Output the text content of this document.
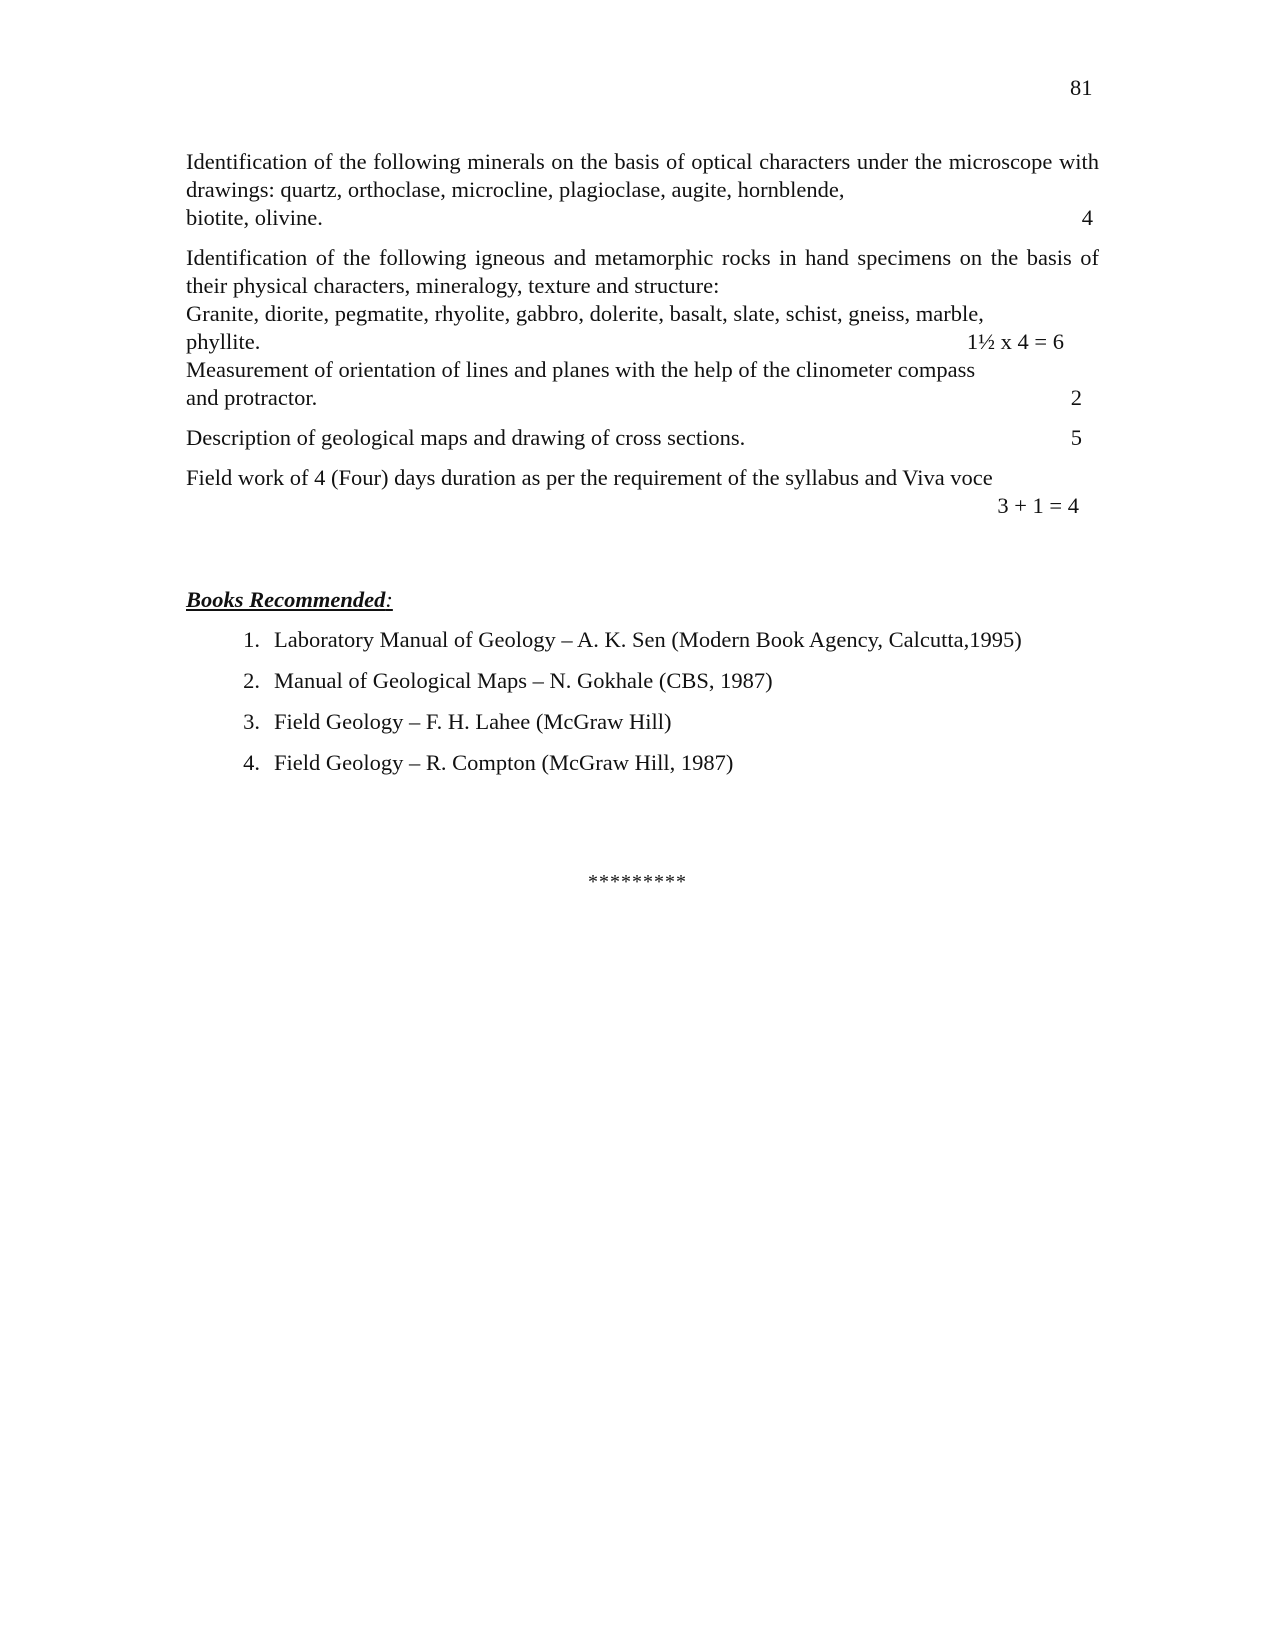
81

Identification of the following minerals on the basis of optical characters under the microscope with drawings: quartz, orthoclase, microcline, plagioclase, augite, hornblende,

biotite, olivine.	4

Identification of the following igneous and metamorphic rocks in hand specimens on the basis of their physical characters, mineralogy, texture and structure:

Granite, diorite, pegmatite, rhyolite, gabbro, dolerite, basalt, slate, schist, gneiss, marble,

phyllite.	1½ x 4 = 6

Measurement of orientation of lines and planes with the help of the clinometer compass

and protractor.	2
Description of geological maps and drawing of cross sections.	5
Field work of 4 (Four) days duration as per the requirement of the syllabus and Viva voce
3 + 1 = 4
Books Recommended:
1. Laboratory Manual of Geology – A. K. Sen (Modern Book Agency, Calcutta,1995)
2. Manual of Geological Maps – N. Gokhale (CBS, 1987)
3. Field Geology – F. H. Lahee (McGraw Hill)
4. Field Geology – R. Compton (McGraw Hill, 1987)
*********
